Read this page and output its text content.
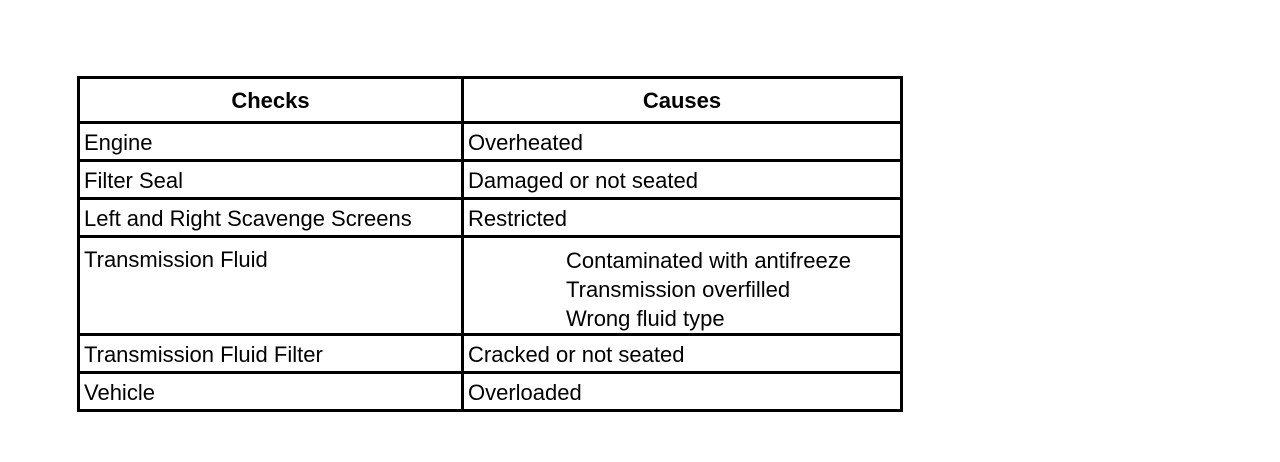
Checks	Causes
Engine	Overheated
Filter Seal	Damaged or not seated
Left and Right Scavenge Screens	Restricted
Transmission Fluid	Contaminated with antifreeze
Transmission overfilled
Wrong fluid type

Transmission Fluid Filter	Cracked or not seated
Vehicle	Overloaded
